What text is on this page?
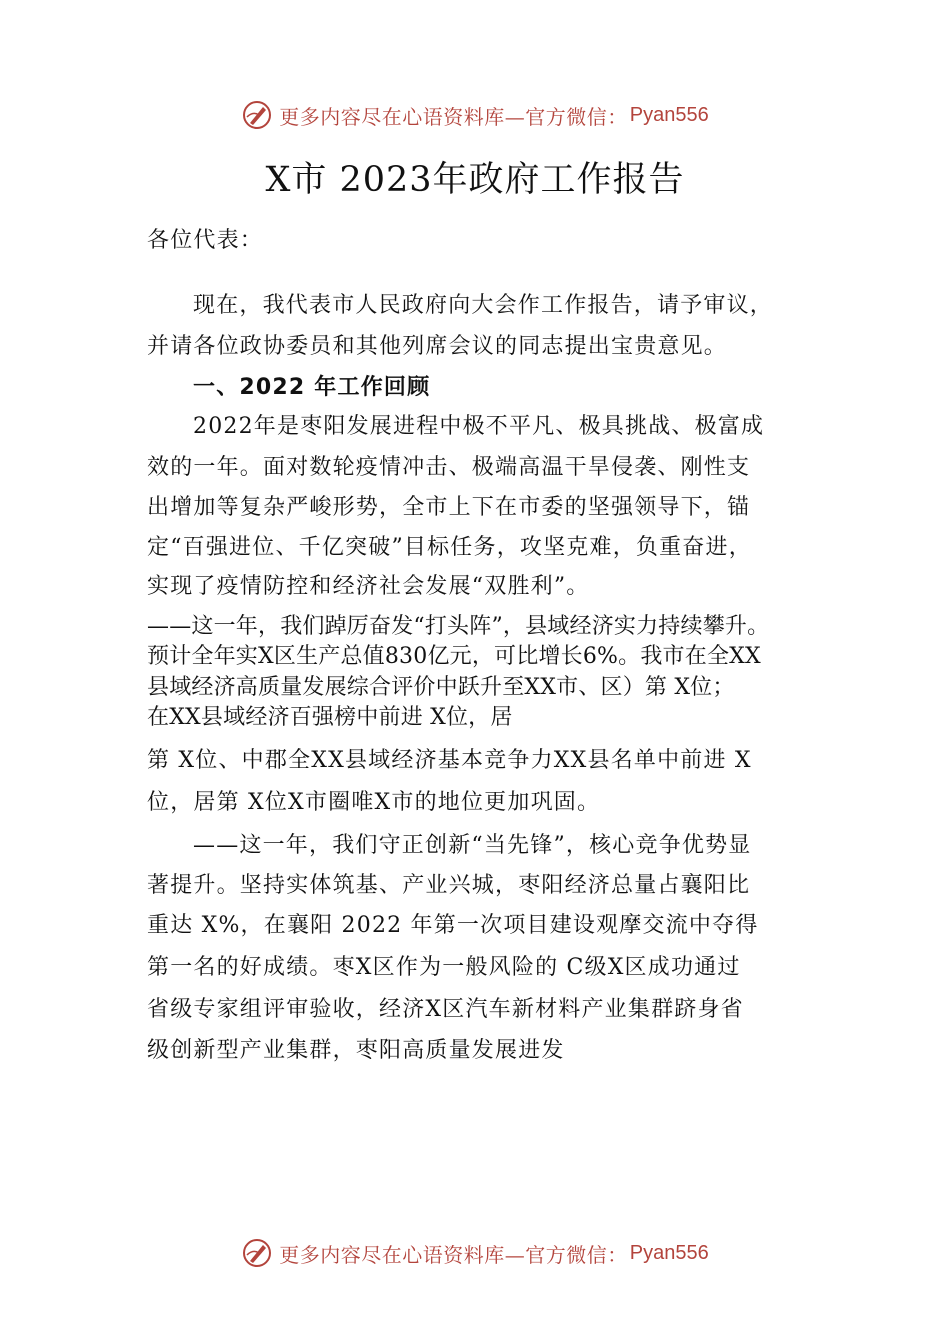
更多内容尽在心语资料库—官方微信： Pyan556
X市 2023年政府工作报告
各位代表：
现在，我代表市人民政府向大会作工作报告，请予审议，
并请各位政协委员和其他列席会议的同志提出宝贵意见。
一、2022 年工作回顾
2022年是枣阳发展进程中极不平凡、极具挑战、极富成
效的一年。面对数轮疫情冲击、极端高温干旱侵袭、刚性支
出增加等复杂严峻形势，全市上下在市委的坚强领导下，锚
定“百强进位、千亿突破”目标任务，攻坚克难，负重奋进，
实现了疫情防控和经济社会发展“双胜利”。
——这一年，我们踔厉奋发“打头阵”，县域经济实力持续攀升。
预计全年实X区生产总值830亿元，可比增长6%。我市在全XX
县域经济高质量发展综合评价中跃升至XX市、区）第 X位；
在XX县域经济百强榜中前进 X位，居
第 X位、中郡全XX县域经济基本竞争力XX县名单中前进 X
位，居第 X位X市圈唯X市的地位更加巩固。
——这一年，我们守正创新“当先锋”，核心竞争优势显
著提升。坚持实体筑基、产业兴城，枣阳经济总量占襄阳比
重达 X%，在襄阳 2022 年第一次项目建设观摩交流中夺得
第一名的好成绩。枣X区作为一般风险的 C级X区成功通过
省级专家组评审验收，经济X区汽车新材料产业集群跻身省
级创新型产业集群，枣阳高质量发展进发
更多内容尽在心语资料库—官方微信： Pyan556
